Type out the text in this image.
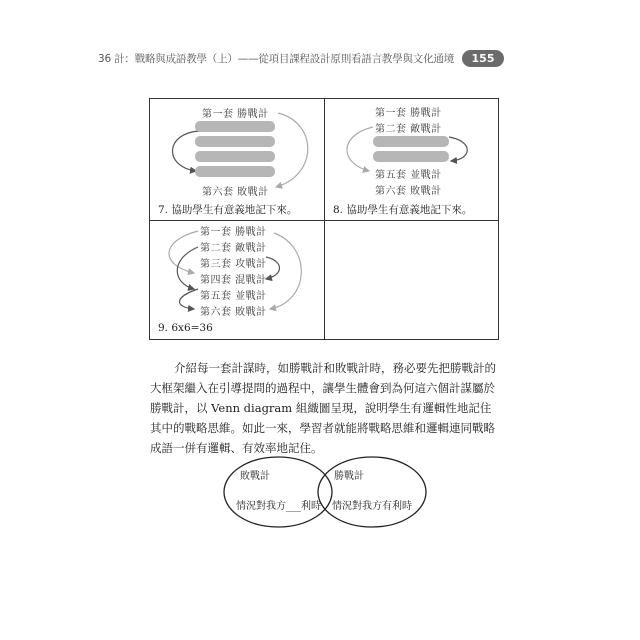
36 計：戰略與成語教學（上）——從項目課程設計原則看語言教學與文化通境	155
第一套 勝戰計
第六套 敗戰計
7. 協助學生有意義地記下來。
第一套 勝戰計
第二套 敵戰計
第五套 並戰計
第六套 敗戰計
8. 協助學生有意義地記下來。
第一套 勝戰計
第二套 敵戰計
第三套 攻戰計
第四套 混戰計
第五套 並戰計
第六套 敗戰計
9. 6x6=36
介紹每一套計謀時，如勝戰計和敗戰計時，務必要先把勝戰計的大框架繼入在引導提問的過程中，讓學生體會到為何這六個計謀屬於勝戰計，以 Venn diagram 組織圖呈現，說明學生有邏輯性地記住其中的戰略思維。如此一來，學習者就能將戰略思維和邏輯連同戰略成語一併有邏輯、有效率地記住。
敗戰計
情況對我方___利時
勝戰計
情況對我方有利時
